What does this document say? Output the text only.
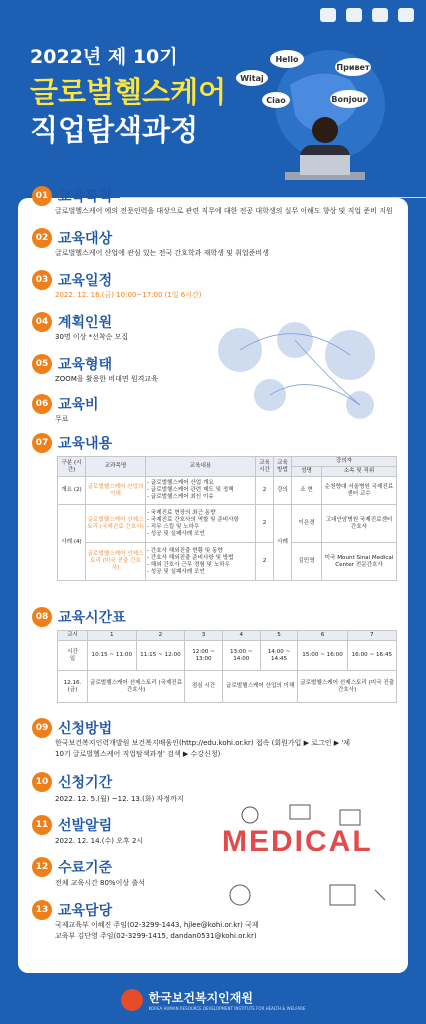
2022년 제 10기
글로벌헬스케어
직업탐색과정
Hello
Witaj
Привет
Ciao	Bonjour
01 교육목적
글로벌헬스케어 에의 전문인력을 대상으로 관련 직무에 대한 전공 대학생의 실무 이해도 향상 및 직업 준비 지원
02 교육대상
글로벌헬스케어 산업에 관심 있는 전국 간호학과 재학생 및 취업준비생
03 교육일정
2022. 12. 16.(금) 10:00~17:00 (1일 6시간)
04 계획인원
30명 이상 *선착순 모집
05 교육형태
ZOOM을 활용한 비대면 원격교육
06 교육비
무료
07 교육내용
구분 (시간)	교과목명	교육내용	교육 시간	교육 방법	강의자	
					성명	소속 및 직위
개요 (2)	글로벌헬스케어 산업의 이해	- 글로벌헬스케어 산업 개요
- 글로벌헬스케어 관련 제도 및 정책
- 글로벌헬스케어 최신 이슈	2	강의	조 현	순천향대 서울병원 국제진료센터 교수
사례 (4)	글로벌헬스케어 선제스토리 (국제진료 간호사)	- 국제진료 현장의 최근 동향
- 국제진료 간호사의 역할 및 준비사항
- 직무 스킬 및 노하우
- 성공 및 실패사례 조언	2	사례	이은경	고대안암병원 국제진료센터 간호사
	글로벌헬스케어 선제스토리 (미국 진출 간호사)	- 간호사 해외진출 현황 및 동향
- 간호사 해외진출 준비사항 및 방법
- 해외 간호사 근무 경험 및 노하우
- 성공 및 실패사례 조언	2		김민영	미국 Mount Sinai Medical Center 전문간호사
08 교육시간표
교시	1	2	3	4	5	6	7

시간
일	10:15 ~ 11:00	11:15 ~ 12:00	12:00 ~ 13:00	13:00 ~ 14:00	14:00 ~ 14:45	15:00 ~ 16:00	16:00 ~ 16:45
12.16. (금)	글로벌헬스케어 선제스토리 (국제진료 간호사)		점심 시간	글로벌헬스케어 산업의 이해		글로벌헬스케어 선제스토리 (미국 진출 간호사)	
09 신청방법
한국보건복지인력개발원 보건복지배움인(http://edu.kohi.or.kr) 접속 (회원가입 ▶ 로그인 ▶ '제10기 글로벌헬스케어 직업탐색과정' 검색 ▶ 수강신청)
10 신청기간
2022. 12. 5.(월) ~12. 13.(화) 자정까지
11 선발알림
2022. 12. 14.(수) 오후 2시
12 수료기준
전체 교육시간 80%이상 출석
13 교육담당
국제교육부 이혜진 주임(02-3299-1443, hjlee@kohi.or.kr) 국제교육부 김단영 주임(02-3299-1415, dandan0531@kohi.or.kr)
MEDICAL
한국보건복지인재원
KOREA HUMAN RESOURCE DEVELOPMENT INSTITUTE FOR HEALTH & WELFARE
